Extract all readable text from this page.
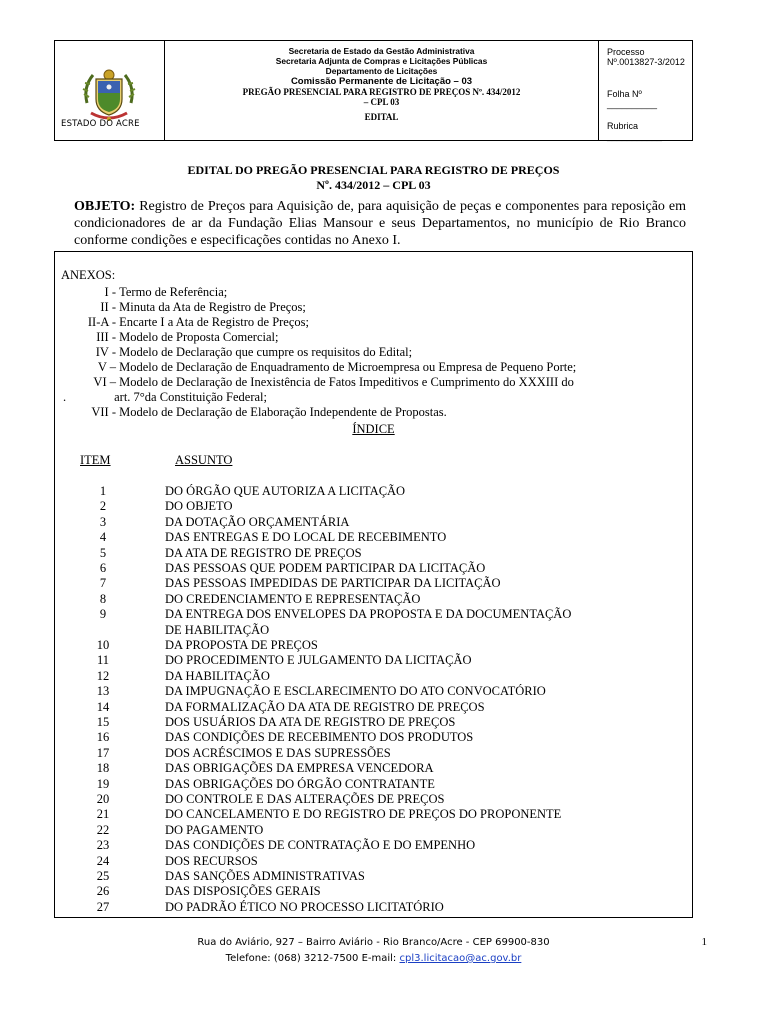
ESTADO DO ACRE
Secretaria de Estado da Gestão Administrativa
Secretaria Adjunta de Compras e Licitações Públicas
Departamento de Licitações
Comissão Permanente de Licitação – 03
PREGÃO PRESENCIAL PARA REGISTRO DE PREÇOS Nº. 434/2012
– CPL 03
EDITAL
Processo Nº.0013827-3/2012
Folha Nº __________
Rubrica ___________
EDITAL DO PREGÃO PRESENCIAL PARA REGISTRO DE PREÇOS
Nº. 434/2012 – CPL 03
OBJETO: Registro de Preços para Aquisição de, para aquisição de peças e componentes para reposição em condicionadores de ar da Fundação Elias Mansour e seus Departamentos, no município de Rio Branco conforme condições e especificações contidas no Anexo I.
ANEXOS:
I - Termo de Referência;
II - Minuta da Ata de Registro de Preços;
II-A - Encarte I a Ata de Registro de Preços;
III - Modelo de Proposta Comercial;
IV - Modelo de Declaração que cumpre os requisitos do Edital;
V – Modelo de Declaração de Enquadramento de Microempresa ou Empresa de Pequeno Porte;
VI – Modelo de Declaração de Inexistência de Fatos Impeditivos e Cumprimento do XXXIII do
.	art. 7°da Constituição Federal;
VII - Modelo de Declaração de Elaboração Independente de Propostas.
ÍNDICE
ITEM	ASSUNTO
1	DO ÓRGÃO QUE AUTORIZA A LICITAÇÃO
2	DO OBJETO
3	DA DOTAÇÃO ORÇAMENTÁRIA
4	DAS ENTREGAS E DO LOCAL DE RECEBIMENTO
5	DA ATA DE REGISTRO DE PREÇOS
6	DAS PESSOAS QUE PODEM PARTICIPAR DA LICITAÇÃO
7	DAS PESSOAS IMPEDIDAS DE PARTICIPAR DA LICITAÇÃO
8	DO CREDENCIAMENTO E REPRESENTAÇÃO
9	DA ENTREGA DOS ENVELOPES DA PROPOSTA E DA DOCUMENTAÇÃO
DE HABILITAÇÃO
10	DA PROPOSTA DE PREÇOS
11	DO PROCEDIMENTO E JULGAMENTO DA LICITAÇÃO
12	DA HABILITAÇÃO
13	DA IMPUGNAÇÃO E ESCLARECIMENTO DO ATO CONVOCATÓRIO
14	DA FORMALIZAÇÃO DA ATA DE REGISTRO DE PREÇOS
15	DOS USUÁRIOS DA ATA DE REGISTRO DE PREÇOS
16	DAS CONDIÇÕES DE RECEBIMENTO DOS PRODUTOS
17	DOS ACRÉSCIMOS E DAS SUPRESSÕES
18	DAS OBRIGAÇÕES DA EMPRESA VENCEDORA
19	DAS OBRIGAÇÕES DO ÓRGÃO CONTRATANTE
20	DO CONTROLE E DAS ALTERAÇÕES DE PREÇOS
21	DO CANCELAMENTO E DO REGISTRO DE PREÇOS DO PROPONENTE
22	DO PAGAMENTO
23	DAS CONDIÇÕES DE CONTRATAÇÃO E DO EMPENHO
24	DOS RECURSOS
25	DAS SANÇÕES ADMINISTRATIVAS
26	DAS DISPOSIÇÕES GERAIS
27	DO PADRÃO ÉTICO NO PROCESSO LICITATÓRIO
Rua do Aviário, 927 – Bairro Aviário - Rio Branco/Acre - CEP 69900-830
Telefone: (068) 3212-7500 E-mail: cpl3.licitacao@ac.gov.br
1
